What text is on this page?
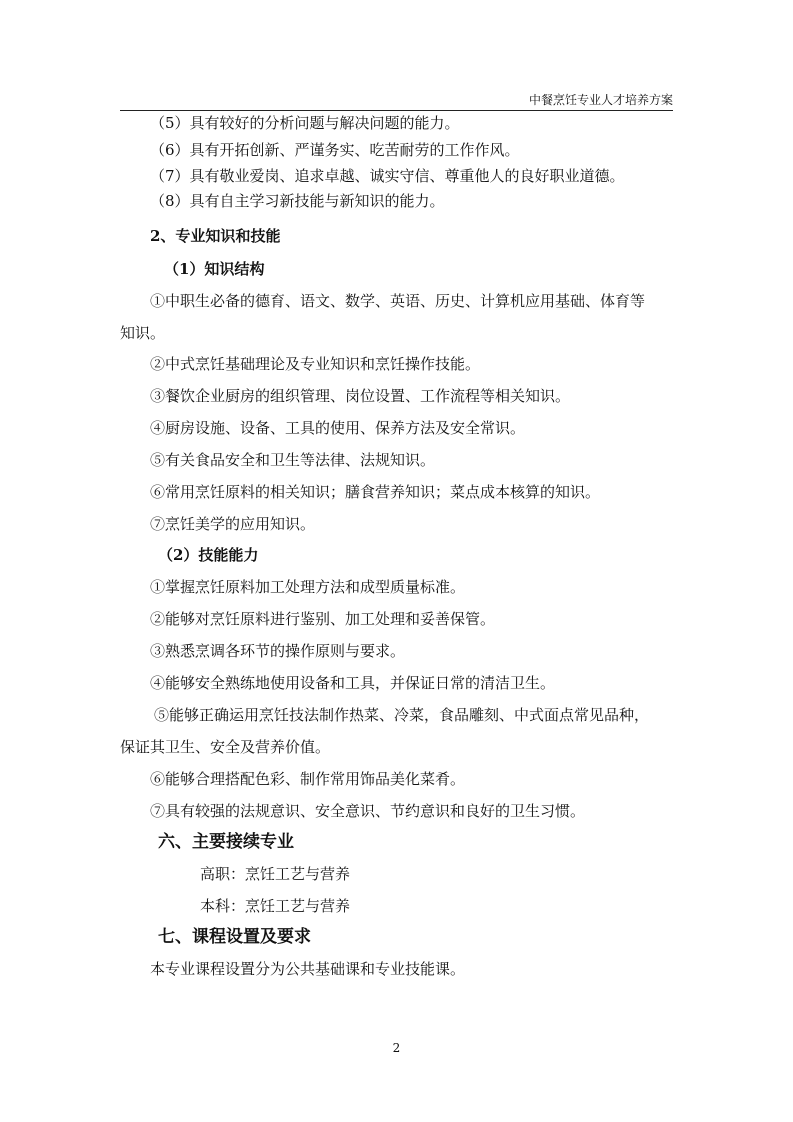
中餐烹饪专业人才培养方案
（5）具有较好的分析问题与解决问题的能力。
（6）具有开拓创新、严谨务实、吃苦耐劳的工作作风。
（7）具有敬业爱岗、追求卓越、诚实守信、尊重他人的良好职业道德。
（8）具有自主学习新技能与新知识的能力。
2、专业知识和技能
（1）知识结构
①中职生必备的德育、语文、数学、英语、历史、计算机应用基础、体育等
知识。
②中式烹饪基础理论及专业知识和烹饪操作技能。
③餐饮企业厨房的组织管理、岗位设置、工作流程等相关知识。
④厨房设施、设备、工具的使用、保养方法及安全常识。
⑤有关食品安全和卫生等法律、法规知识。
⑥常用烹饪原料的相关知识；膳食营养知识；菜点成本核算的知识。
⑦烹饪美学的应用知识。
（2）技能能力
①掌握烹饪原料加工处理方法和成型质量标准。
②能够对烹饪原料进行鉴别、加工处理和妥善保管。
③熟悉烹调各环节的操作原则与要求。
④能够安全熟练地使用设备和工具，并保证日常的清洁卫生。
⑤能够正确运用烹饪技法制作热菜、冷菜，食品雕刻、中式面点常见品种，
保证其卫生、安全及营养价值。
⑥能够合理搭配色彩、制作常用饰品美化菜肴。
⑦具有较强的法规意识、安全意识、节约意识和良好的卫生习惯。
六、主要接续专业
高职：烹饪工艺与营养
本科：烹饪工艺与营养
七、课程设置及要求
本专业课程设置分为公共基础课和专业技能课。
2
